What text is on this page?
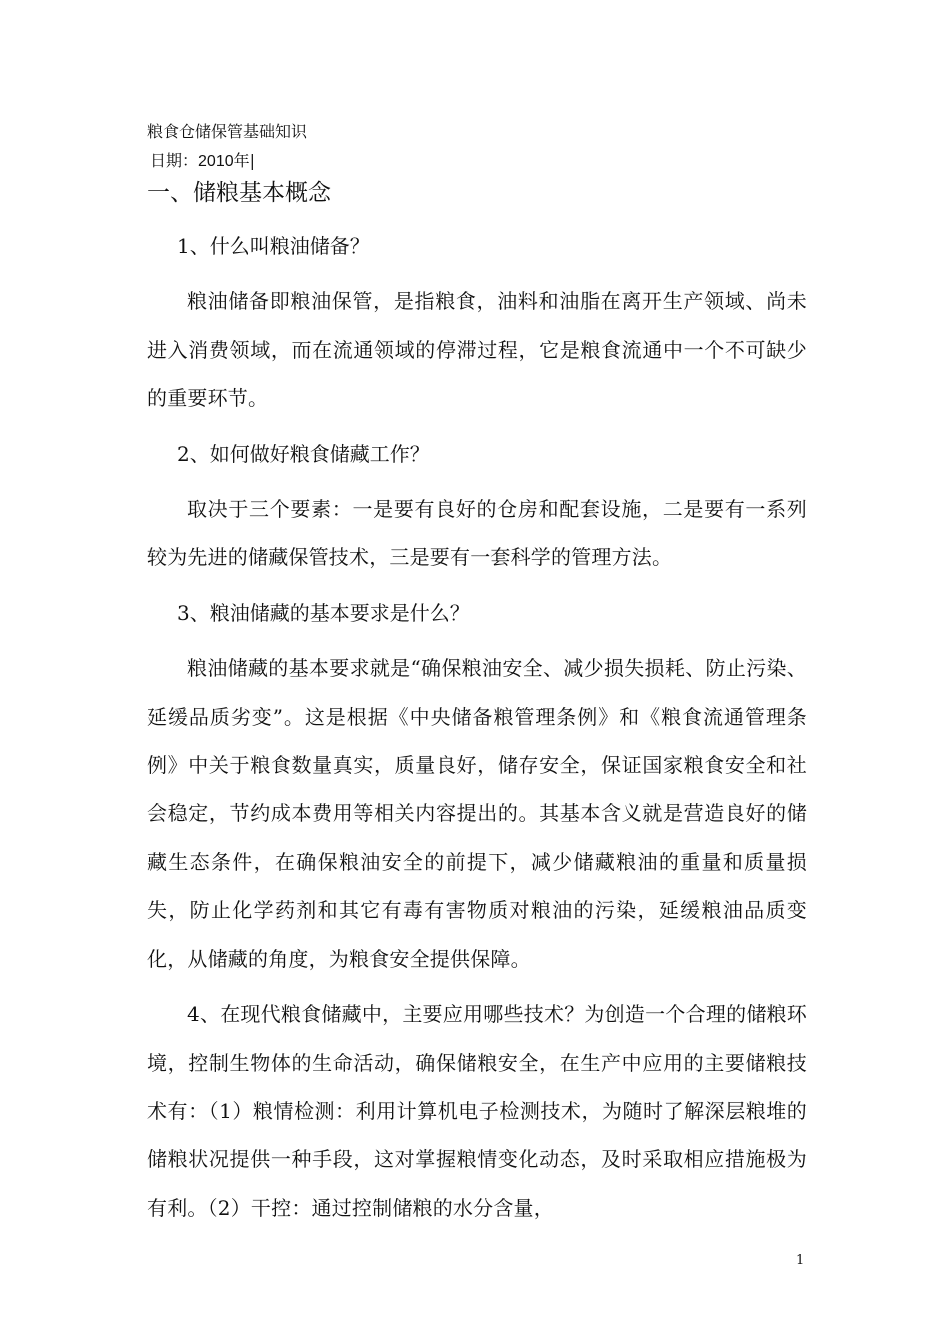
粮食仓储保管基础知识
日期：2010年|
一、储粮基本概念

1、什么叫粮油储备？

粮油储备即粮油保管，是指粮食，油料和油脂在离开生产领域、尚未进入消费领域，而在流通领域的停滞过程，它是粮食流通中一个不可缺少的重要环节。

2、如何做好粮食储藏工作？

取决于三个要素：一是要有良好的仓房和配套设施，二是要有一系列较为先进的储藏保管技术，三是要有一套科学的管理方法。

3、粮油储藏的基本要求是什么？

粮油储藏的基本要求就是“确保粮油安全、减少损失损耗、防止污染、延缓品质劣变”。这是根据《中央储备粮管理条例》和《粮食流通管理条例》中关于粮食数量真实，质量良好，储存安全，保证国家粮食安全和社会稳定，节约成本费用等相关内容提出的。其基本含义就是营造良好的储藏生态条件，在确保粮油安全的前提下，减少储藏粮油的重量和质量损失，防止化学药剂和其它有毒有害物质对粮油的污染，延缓粮油品质变化，从储藏的角度，为粮食安全提供保障。

4、在现代粮食储藏中，主要应用哪些技术？为创造一个合理的储粮环境，控制生物体的生命活动，确保储粮安全，在生产中应用的主要储粮技术有：（1）粮情检测：利用计算机电子检测技术，为随时了解深层粮堆的储粮状况提供一种手段，这对掌握粮情变化动态，及时采取相应措施极为有利。（2）干控：通过控制储粮的水分含量，

1
